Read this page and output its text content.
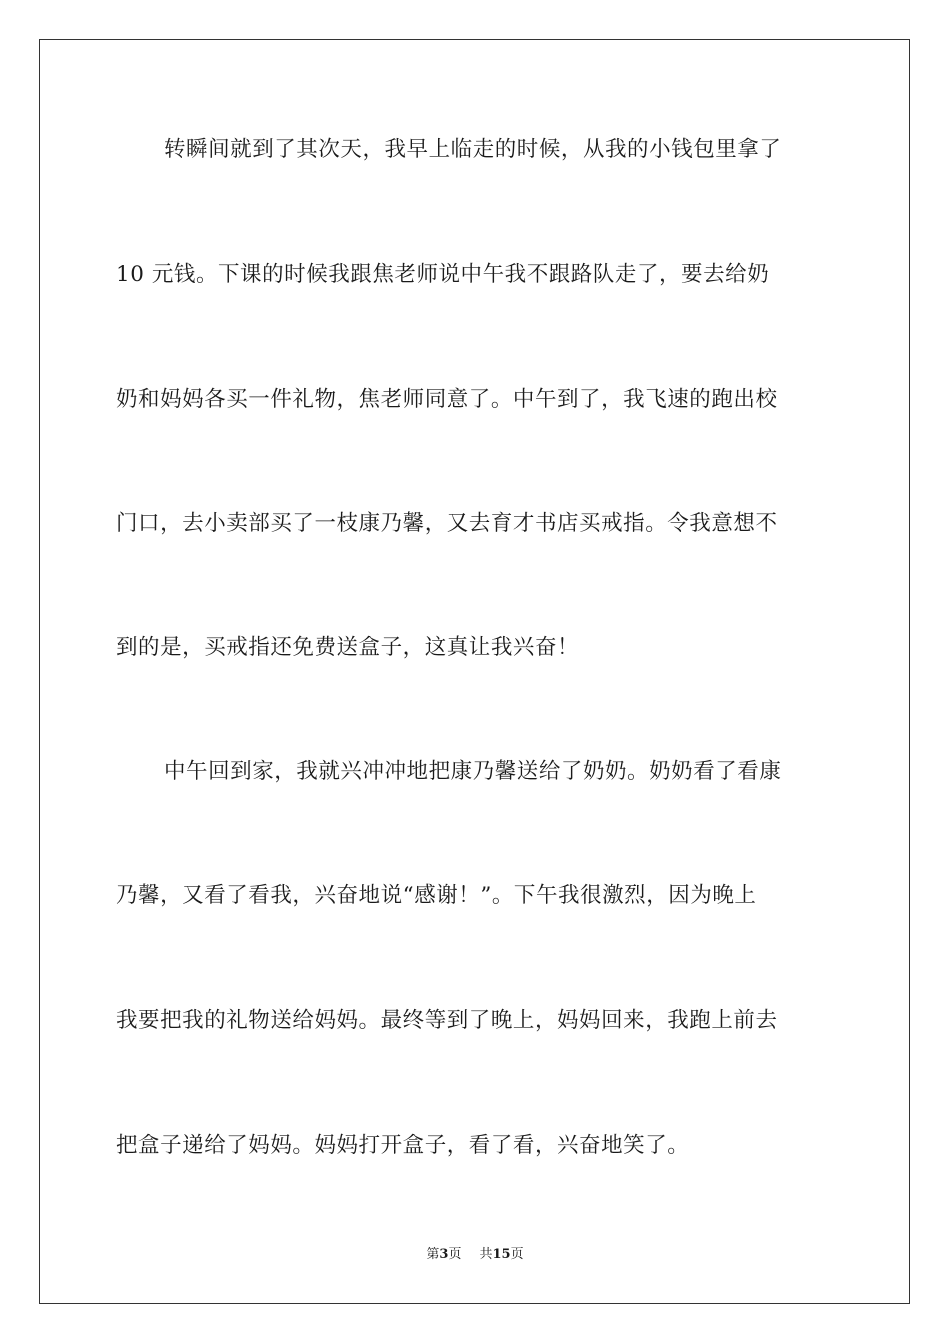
转瞬间就到了其次天，我早上临走的时候，从我的小钱包里拿了
10 元钱。下课的时候我跟焦老师说中午我不跟路队走了，要去给奶
奶和妈妈各买一件礼物，焦老师同意了。中午到了，我飞速的跑出校
门口，去小卖部买了一枝康乃馨，又去育才书店买戒指。令我意想不
到的是，买戒指还免费送盒子，这真让我兴奋！
中午回到家，我就兴冲冲地把康乃馨送给了奶奶。奶奶看了看康
乃馨，又看了看我，兴奋地说“感谢！”。下午我很激烈，因为晚上
我要把我的礼物送给妈妈。最终等到了晚上，妈妈回来，我跑上前去
把盒子递给了妈妈。妈妈打开盒子，看了看，兴奋地笑了。
第3页 共15页
